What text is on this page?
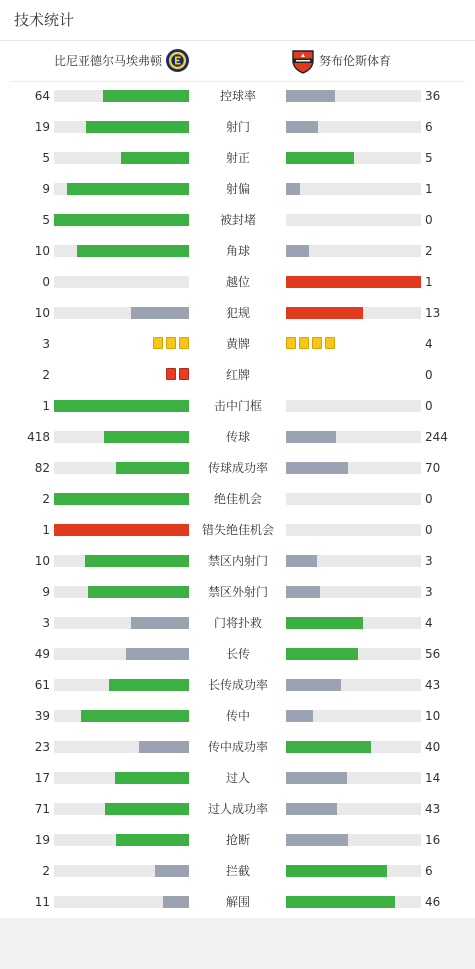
技术统计
比尼亚德尔马埃弗顿	努布伦斯体育
64	控球率	36
19	射门	6
5	射正	5
9	射偏	1
5	被封堵	0
10	角球	2
0	越位	1
10	犯规	13
3	黄牌	4
2	红牌	0
1	击中门框	0
418	传球	244
82	传球成功率	70
2	绝佳机会	0
1	错失绝佳机会	0
10	禁区内射门	3
9	禁区外射门	3
3	门将扑救	4
49	长传	56
61	长传成功率	43
39	传中	10
23	传中成功率	40
17	过人	14
71	过人成功率	43
19	抢断	16
2	拦截	6
11	解围	46
